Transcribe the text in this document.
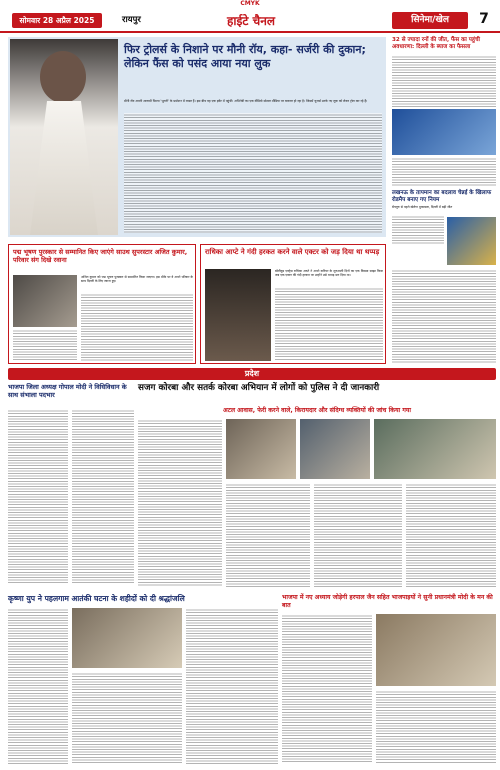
CMYK
सोमवार 28 अप्रैल 2025	रायपुर	हाईटे चैनल	सिनेमा/खेल	7
फिर ट्रोलर्स के निशाने पर मौनी रॉय, कहा- सर्जरी की दुकान; लेकिन फैंस को पसंद आया नया लुक
मौनी रॉय अपनी आगामी फिल्म 'भूतनी' के प्रमोशन में व्यस्त हैं। इस बीच वह एक इवेंट में पहुंचीं। अभिनेत्री का एक वीडियो सोशल मीडिया पर वायरल हो रहा है। जिसमें यूजर्स उनके नए लुक को लेकर ट्रोल कर रहे हैं।
32 से ज्यादा रनों की जीत, फैंस का पहुंची अवधारणा: दिल्ली के ब्याज का फैसला
लखनऊ के तापमान का बदलाव चेन्नई के खिलाफ रोडमैप बनाए गए नियम
बेंगलुरु से पहले खेलेगा मुकाबला, दिल्ली में बड़ी जीत
पद्म भूषण पुरस्कार से सम्मानित किए जाएंगे साउथ सुपरस्टार अजित कुमार, परिवार संग दिखे रवाना
अजित कुमार को पद्म भूषण पुरस्कार से सम्मानित किया जाएगा। इस मौके पर वे अपने परिवार के साथ दिल्ली के लिए रवाना हुए।
राधिका आप्टे ने गंदी हरकत करने वाले एक्टर को जड़ दिया था थप्पड़
बॉलीवुड एक्ट्रेस राधिका आप्टे ने अपने करियर के शुरुआती दिनों का एक किस्सा साझा किया जब एक एक्टर की गंदी हरकत पर उन्होंने उसे थप्पड़ मार दिया था।
प्रदेश
भाजपा जिला अध्यक्ष गोपाल मोदी ने विधिविधान के साथ संभाला पदभार
सजग कोरबा और सतर्क कोरबा अभियान में लोगों को पुलिस ने दी जानकारी
अटल आवास, फेरी करने वाले, किरायदार और संदिग्ध व्यक्तियों की जांच किया गया
कृष्णा युप ने पहलगाम आतंकी घटना के शहीदों को दी श्रद्धांजलि	भाजपा में नए अध्याय जोड़ेगी हरपाल जैन सहित भाजपाइयों ने सुनी प्रधानमंत्री मोदी के मन की बात
